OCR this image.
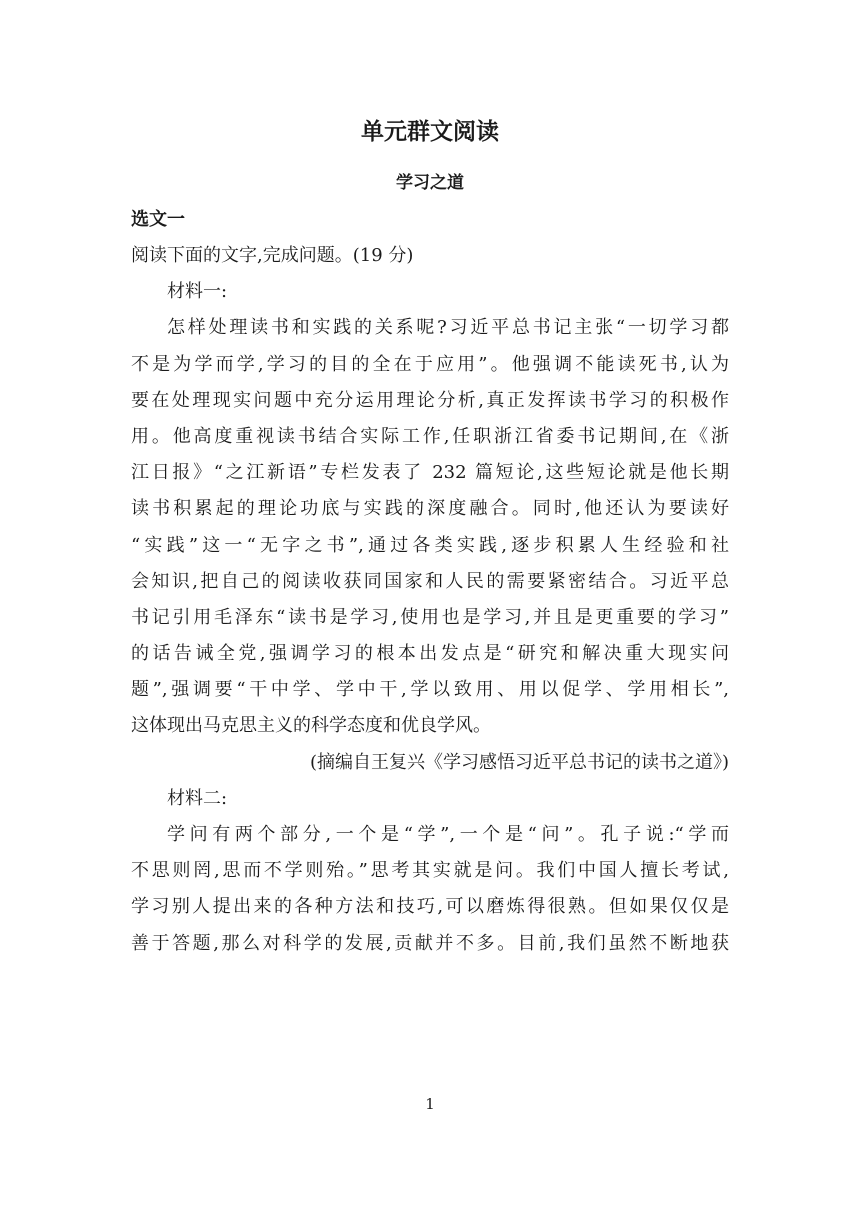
单元群文阅读
学习之道
选文一
阅读下面的文字,完成问题。(19 分)
材料一:
怎样处理读书和实践的关系呢?习近平总书记主张“一切学习都
不是为学而学,学习的目的全在于应用”。他强调不能读死书,认为
要在处理现实问题中充分运用理论分析,真正发挥读书学习的积极作
用。他高度重视读书结合实际工作,任职浙江省委书记期间,在《浙
江日报》“之江新语”专栏发表了 232 篇短论,这些短论就是他长期
读书积累起的理论功底与实践的深度融合。同时,他还认为要读好
“实践”这一“无字之书”,通过各类实践,逐步积累人生经验和社
会知识,把自己的阅读收获同国家和人民的需要紧密结合。习近平总
书记引用毛泽东“读书是学习,使用也是学习,并且是更重要的学习”
的话告诫全党,强调学习的根本出发点是“研究和解决重大现实问
题”,强调要“干中学、学中干,学以致用、用以促学、学用相长”,
这体现出马克思主义的科学态度和优良学风。
(摘编自王复兴《学习感悟习近平总书记的读书之道》)
材料二:
学问有两个部分,一个是“学”,一个是“问”。孔子说:“学而
不思则罔,思而不学则殆。”思考其实就是问。我们中国人擅长考试,
学习别人提出来的各种方法和技巧,可以磨炼得很熟。但如果仅仅是
善于答题,那么对科学的发展,贡献并不多。目前,我们虽然不断地获
1
